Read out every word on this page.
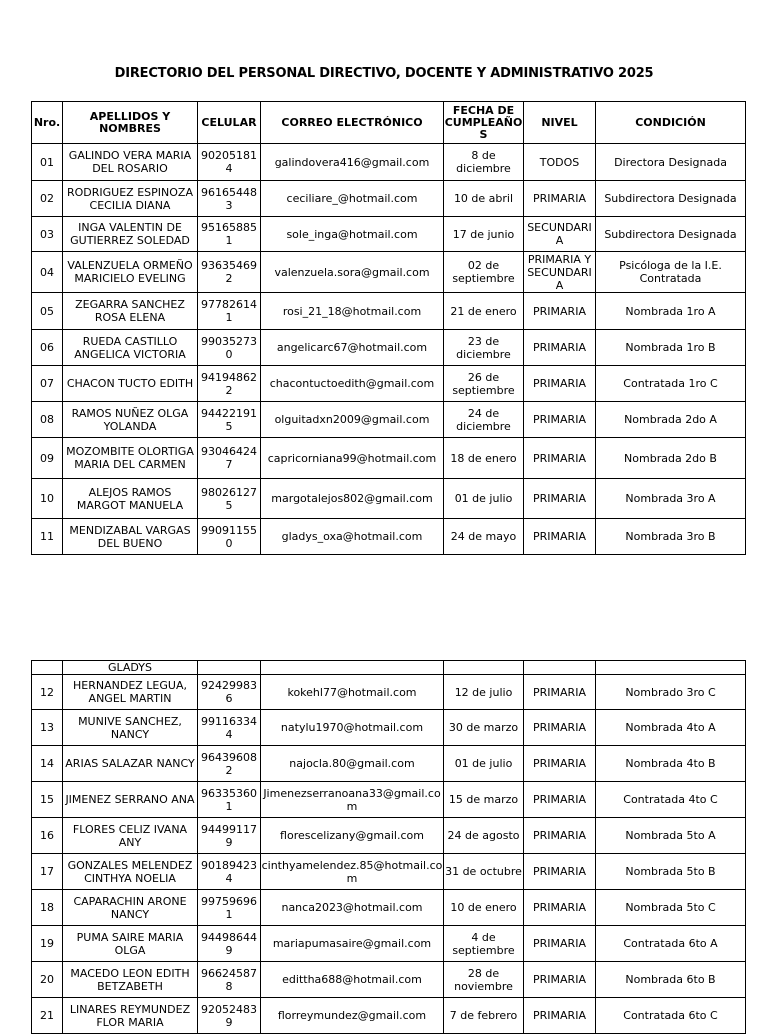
DIRECTORIO DEL PERSONAL DIRECTIVO, DOCENTE Y ADMINISTRATIVO 2025
Nro.	APELLIDOS Y NOMBRES	CELULAR	CORREO ELECTRÓNICO	FECHA DE CUMPLEAÑOS	NIVEL	CONDICIÓN
01	GALINDO VERA MARIA DEL ROSARIO	902051814	galindovera416@gmail.com	8 de diciembre	TODOS	Directora Designada
02	RODRIGUEZ ESPINOZA CECILIA DIANA	961654483	ceciliare_@hotmail.com	10 de abril	PRIMARIA	Subdirectora Designada
03	INGA VALENTIN DE GUTIERREZ SOLEDAD	951658851	sole_inga@hotmail.com	17 de junio	SECUNDARIA	Subdirectora Designada
04	VALENZUELA ORMEÑO MARICIELO EVELING	936354692	valenzuela.sora@gmail.com	02 de septiembre	PRIMARIA Y SECUNDARIA	Psicóloga de la I.E. Contratada
05	ZEGARRA SANCHEZ ROSA ELENA	977826141	rosi_21_18@hotmail.com	21 de enero	PRIMARIA	Nombrada 1ro A
06	RUEDA CASTILLO ANGELICA VICTORIA	990352730	angelicarc67@hotmail.com	23 de diciembre	PRIMARIA	Nombrada 1ro B
07	CHACON TUCTO EDITH	941948622	chacontuctoedith@gmail.com	26 de septiembre	PRIMARIA	Contratada 1ro C
08	RAMOS NUÑEZ OLGA YOLANDA	944221915	olguitadxn2009@gmail.com	24 de diciembre	PRIMARIA	Nombrada 2do A
09	MOZOMBITE OLORTIGA MARIA DEL CARMEN	930464247	capricorniana99@hotmail.com	18 de enero	PRIMARIA	Nombrada 2do B
10	ALEJOS RAMOS MARGOT MANUELA	980261275	margotalejos802@gmail.com	01 de julio	PRIMARIA	Nombrada 3ro A
11	MENDIZABAL VARGAS DEL BUENO	990911550	gladys_oxa@hotmail.com	24 de mayo	PRIMARIA	Nombrada 3ro B
	GLADYS					
12	HERNANDEZ LEGUA, ANGEL MARTIN	924299836	kokehl77@hotmail.com	12 de julio	PRIMARIA	Nombrado 3ro C
13	MUNIVE SANCHEZ, NANCY	991163344	natylu1970@hotmail.com	30 de marzo	PRIMARIA	Nombrada 4to A
14	ARIAS SALAZAR NANCY	964396082	najocla.80@gmail.com	01 de julio	PRIMARIA	Nombrada 4to B
15	JIMENEZ SERRANO ANA	963353601	Jimenezserranoana33@gmail.com	15 de marzo	PRIMARIA	Contratada 4to C
16	FLORES CELIZ IVANA ANY	944991179	florescelizany@gmail.com	24 de agosto	PRIMARIA	Nombrada 5to A
17	GONZALES MELENDEZ CINTHYA NOELIA	901894234	cinthyamelendez.85@hotmail.com	31 de octubre	PRIMARIA	Nombrada 5to B
18	CAPARACHIN ARONE NANCY	997596961	nanca2023@hotmail.com	10 de enero	PRIMARIA	Nombrada 5to C
19	PUMA SAIRE MARIA OLGA	944986449	mariapumasaire@gmail.com	4 de septiembre	PRIMARIA	Contratada 6to A
20	MACEDO LEON EDITH BETZABETH	966245878	edittha688@hotmail.com	28 de noviembre	PRIMARIA	Nombrada 6to B
21	LINARES REYMUNDEZ FLOR MARIA	920524839	florreymundez@gmail.com	7 de febrero	PRIMARIA	Contratada 6to C
